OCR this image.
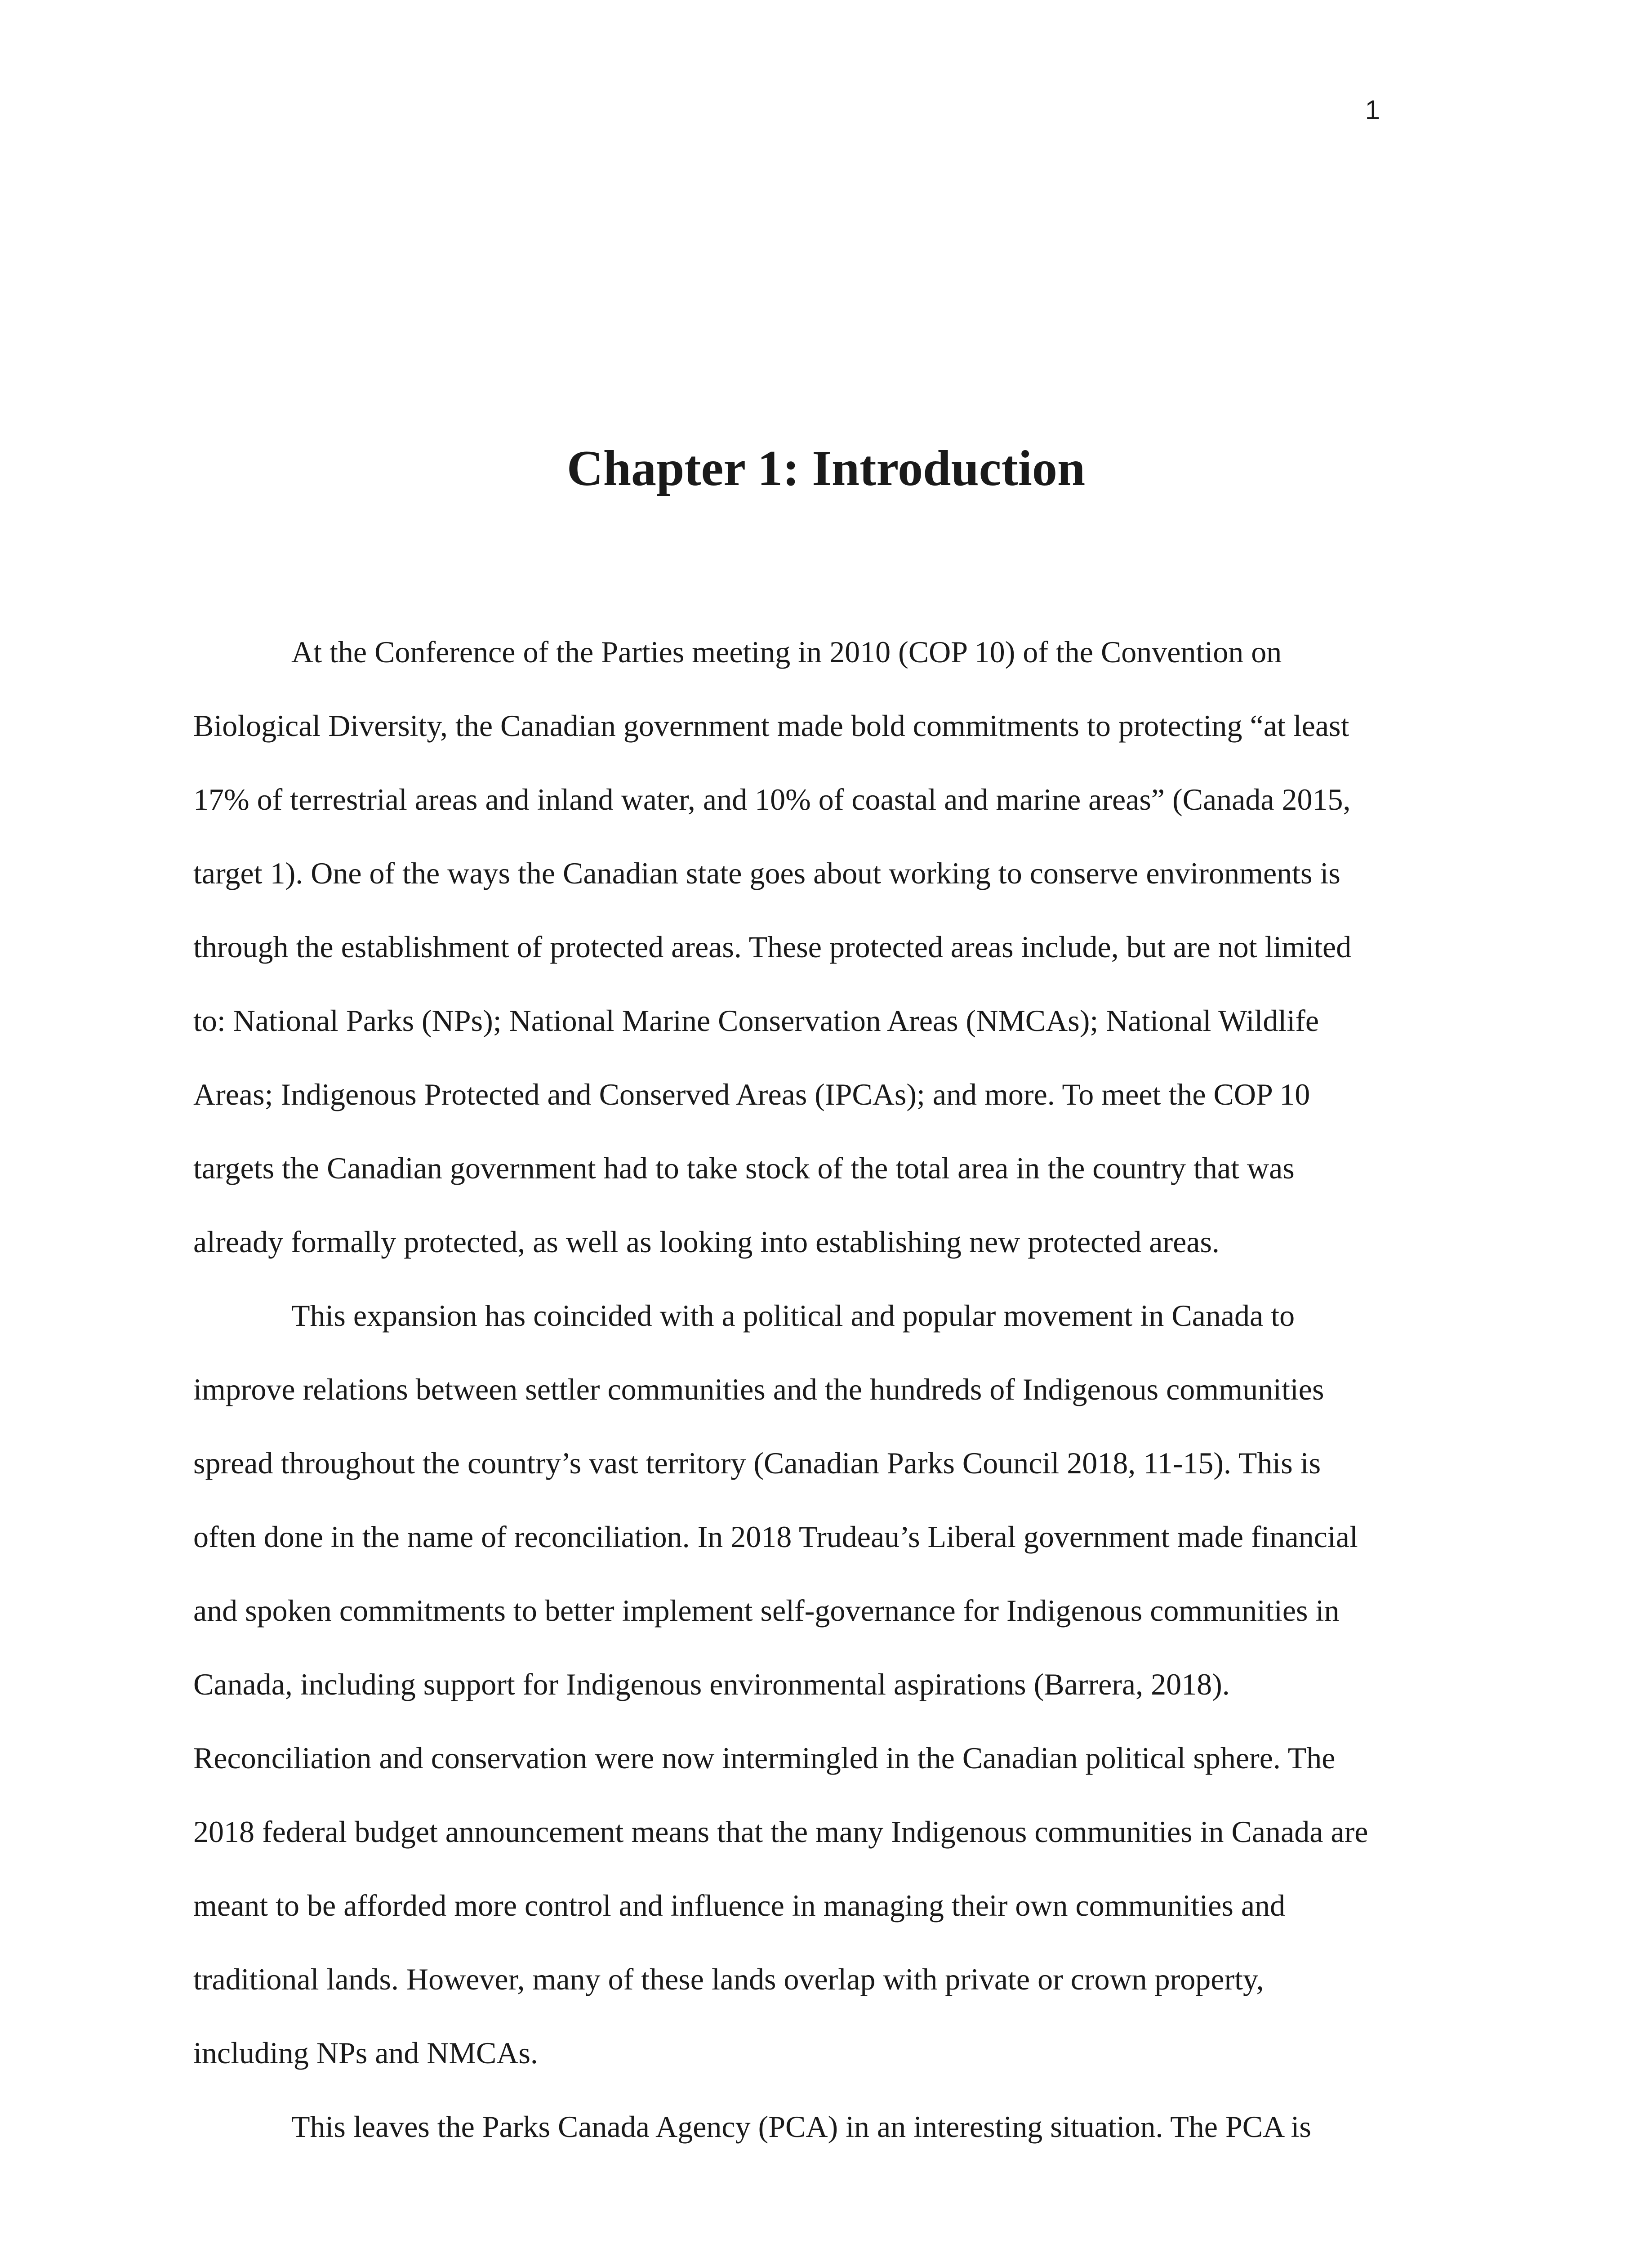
1
Chapter 1: Introduction
At the Conference of the Parties meeting in 2010 (COP 10) of the Convention on
Biological Diversity, the Canadian government made bold commitments to protecting “at least
17% of terrestrial areas and inland water, and 10% of coastal and marine areas” (Canada 2015,
target 1). One of the ways the Canadian state goes about working to conserve environments is
through the establishment of protected areas. These protected areas include, but are not limited
to: National Parks (NPs); National Marine Conservation Areas (NMCAs); National Wildlife
Areas; Indigenous Protected and Conserved Areas (IPCAs); and more. To meet the COP 10
targets the Canadian government had to take stock of the total area in the country that was
already formally protected, as well as looking into establishing new protected areas.
This expansion has coincided with a political and popular movement in Canada to
improve relations between settler communities and the hundreds of Indigenous communities
spread throughout the country’s vast territory (Canadian Parks Council 2018, 11-15). This is
often done in the name of reconciliation. In 2018 Trudeau’s Liberal government made financial
and spoken commitments to better implement self-governance for Indigenous communities in
Canada, including support for Indigenous environmental aspirations (Barrera, 2018).
Reconciliation and conservation were now intermingled in the Canadian political sphere. The
2018 federal budget announcement means that the many Indigenous communities in Canada are
meant to be afforded more control and influence in managing their own communities and
traditional lands. However, many of these lands overlap with private or crown property,
including NPs and NMCAs.
This leaves the Parks Canada Agency (PCA) in an interesting situation. The PCA is
